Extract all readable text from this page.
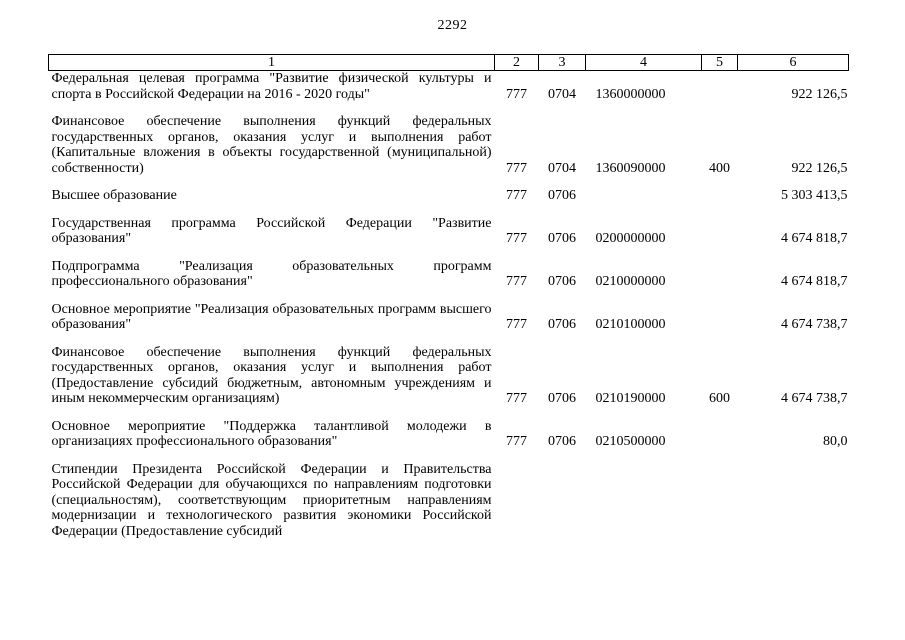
2292
1	2	3	4	5	6

Федеральная целевая программа "Развитие физической культуры и спорта в Российской Федерации на 2016 - 2020 годы"	777	0704	1360000000		922 126,5

Финансовое обеспечение выполнения функций федеральных государственных органов, оказания услуг и выполнения работ (Капитальные вложения в объекты государственной (муниципальной) собственности)	777	0704	1360090000	400	922 126,5

Высшее образование	777	0706			5 303 413,5

Государственная программа Российской Федерации "Развитие образования"	777	0706	0200000000		4 674 818,7

Подпрограмма "Реализация образовательных программ профессионального образования"	777	0706	0210000000		4 674 818,7

Основное мероприятие "Реализация образовательных программ высшего образования"	777	0706	0210100000		4 674 738,7

Финансовое обеспечение выполнения функций федеральных государственных органов, оказания услуг и выполнения работ (Предоставление субсидий бюджетным, автономным учреждениям и иным некоммерческим организациям)	777	0706	0210190000	600	4 674 738,7

Основное мероприятие "Поддержка талантливой молодежи в организациях профессионального образования"	777	0706	0210500000		80,0

Стипендии Президента Российской Федерации и Правительства Российской Федерации для обучающихся по направлениям подготовки (специальностям), соответствующим приоритетным направлениям модернизации и технологического развития экономики Российской Федерации (Предоставление субсидий					
